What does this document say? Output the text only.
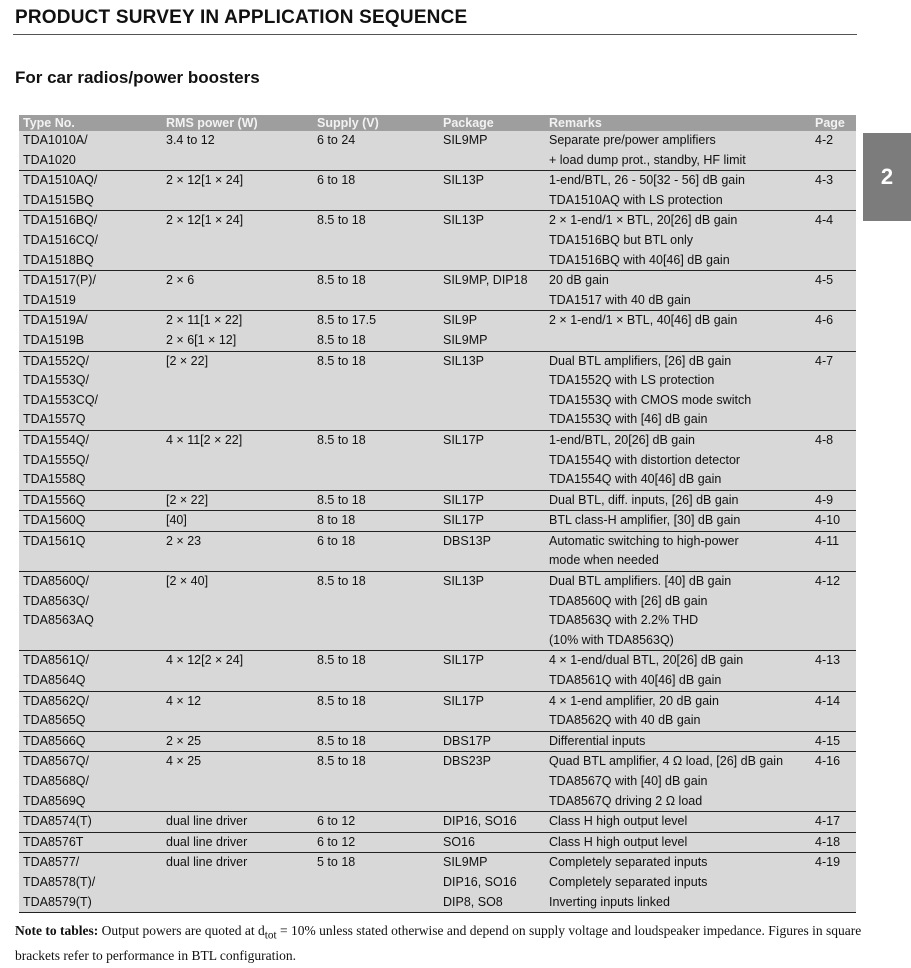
PRODUCT SURVEY IN APPLICATION SEQUENCE
For car radios/power boosters
2
Type No.	RMS power (W)	Supply (V)	Package	Remarks	Page
TDA1010A/	3.4 to 12	6 to 24	SIL9MP	Separate pre/power amplifiers	4-2
TDA1020				+ load dump prot., standby, HF limit	
TDA1510AQ/	2 × 12[1 × 24]	6 to 18	SIL13P	1-end/BTL, 26 - 50[32 - 56] dB gain	4-3
TDA1515BQ				TDA1510AQ with LS protection	
TDA1516BQ/	2 × 12[1 × 24]	8.5 to 18	SIL13P	2 × 1-end/1 × BTL, 20[26] dB gain	4-4
TDA1516CQ/				TDA1516BQ but BTL only	
TDA1518BQ				TDA1516BQ with 40[46] dB gain	
TDA1517(P)/	2 × 6	8.5 to 18	SIL9MP, DIP18	20 dB gain	4-5
TDA1519				TDA1517 with 40 dB gain	
TDA1519A/	2 × 11[1 × 22]	8.5 to 17.5	SIL9P	2 × 1-end/1 × BTL, 40[46] dB gain	4-6
TDA1519B	2 × 6[1 × 12]	8.5 to 18	SIL9MP		
TDA1552Q/	[2 × 22]	8.5 to 18	SIL13P	Dual BTL amplifiers, [26] dB gain	4-7
TDA1553Q/				TDA1552Q with LS protection	
TDA1553CQ/				TDA1553Q with CMOS mode switch	
TDA1557Q				TDA1553Q with [46] dB gain	
TDA1554Q/	4 × 11[2 × 22]	8.5 to 18	SIL17P	1-end/BTL, 20[26] dB gain	4-8
TDA1555Q/				TDA1554Q with distortion detector	
TDA1558Q				TDA1554Q with 40[46] dB gain	
TDA1556Q	[2 × 22]	8.5 to 18	SIL17P	Dual BTL, diff. inputs, [26] dB gain	4-9
TDA1560Q	[40]	8 to 18	SIL17P	BTL class-H amplifier, [30] dB gain	4-10
TDA1561Q	2 × 23	6 to 18	DBS13P	Automatic switching to high-power	4-11
				mode when needed	
TDA8560Q/	[2 × 40]	8.5 to 18	SIL13P	Dual BTL amplifiers. [40] dB gain	4-12
TDA8563Q/				TDA8560Q with [26] dB gain	
TDA8563AQ				TDA8563Q with 2.2% THD	
				(10% with TDA8563Q)	
TDA8561Q/	4 × 12[2 × 24]	8.5 to 18	SIL17P	4 × 1-end/dual BTL, 20[26] dB gain	4-13
TDA8564Q				TDA8561Q with 40[46] dB gain	
TDA8562Q/	4 × 12	8.5 to 18	SIL17P	4 × 1-end amplifier, 20 dB gain	4-14
TDA8565Q				TDA8562Q with 40 dB gain	
TDA8566Q	2 × 25	8.5 to 18	DBS17P	Differential inputs	4-15
TDA8567Q/	4 × 25	8.5 to 18	DBS23P	Quad BTL amplifier, 4 Ω load, [26] dB gain	4-16
TDA8568Q/				TDA8567Q with [40] dB gain	
TDA8569Q				TDA8567Q driving 2 Ω load	
TDA8574(T)	dual line driver	6 to 12	DIP16, SO16	Class H high output level	4-17
TDA8576T	dual line driver	6 to 12	SO16	Class H high output level	4-18
TDA8577/	dual line driver	5 to 18	SIL9MP	Completely separated inputs	4-19
TDA8578(T)/			DIP16, SO16	Completely separated inputs	
TDA8579(T)			DIP8, SO8	Inverting inputs linked	
Note to tables: Output powers are quoted at $d_{tot} = 10\%$ unless stated otherwise and depend on supply voltage and loudspeaker impedance. Figures in square brackets refer to performance in BTL configuration.
